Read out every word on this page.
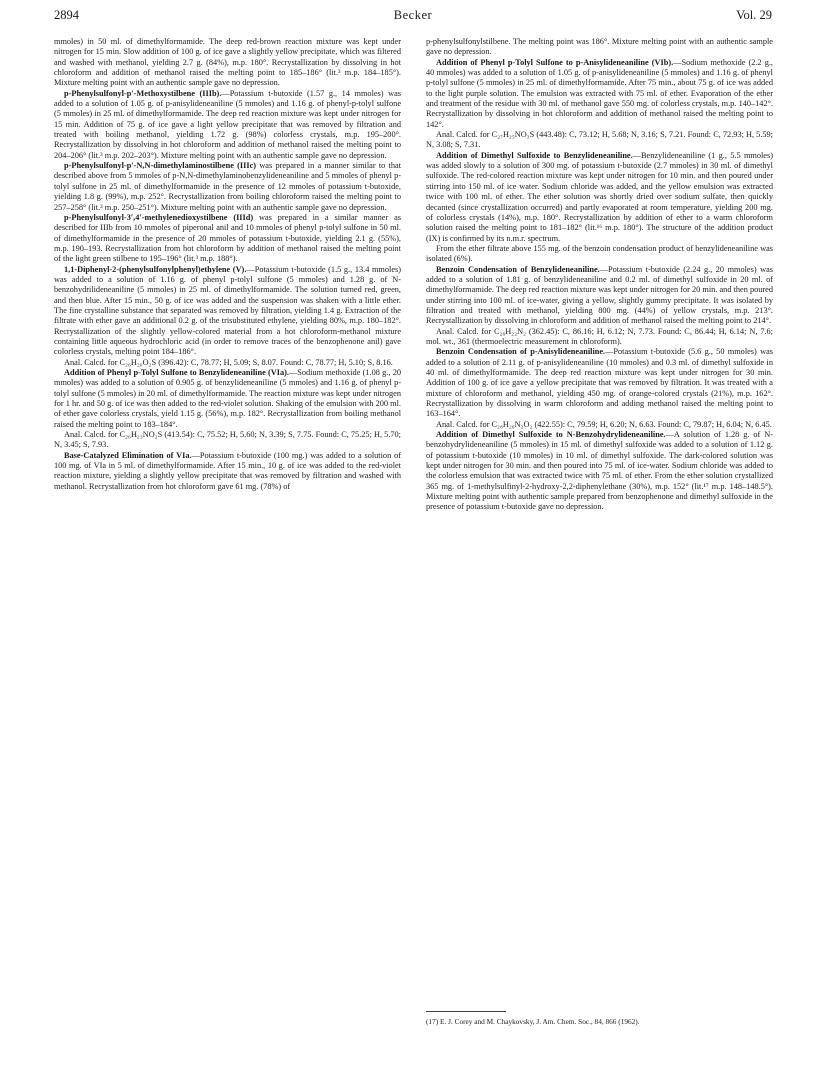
2894	Becker	Vol. 29

mmoles) in 50 ml. of dimethylformamide. The deep red-brown reaction mixture was kept under nitrogen for 15 min. Slow addition of 100 g. of ice gave a slightly yellow precipitate, which was filtered and washed with methanol, yielding 2.7 g. (84%), m.p. 180°. Recrystallization by dissolving in hot chloroform and addition of methanol raised the melting point to 185–186° (lit.³ m.p. 184–185°). Mixture melting point with an authentic sample gave no depression.

p-Phenylsulfonyl-p′-Methoxystilbene (IIIb).—Potassium t-butoxide (1.57 g., 14 mmoles) was added to a solution of 1.05 g. of p-anisylideneaniline (5 mmoles) and 1.16 g. of phenyl-p-tolyl sulfone (5 mmoles) in 25 ml. of dimethylformamide. The deep red reaction mixture was kept under nitrogen for 15 min. Addition of 75 g. of ice gave a light yellow precipitate that was removed by filtration and treated with boiling methanol, yielding 1.72 g. (98%) colorless crystals, m.p. 195–200°. Recrystallization by dissolving in hot chloroform and addition of methanol raised the melting point to 204–206° (lit.³ m.p. 202–203°). Mixture melting point with an authentic sample gave no depression.

p-Phenylsulfonyl-p′-N,N-dimethylaminostilbene (IIIc) was prepared in a manner similar to that described above from 5 mmoles of p-N,N-dimethylaminobenzylideneaniline and 5 mmoles of phenyl p-tolyl sulfone in 25 ml. of dimethylformamide in the presence of 12 mmoles of potassium t-butoxide, yielding 1.8 g. (99%), m.p. 252°. Recrystallization from boiling chloroform raised the melting point to 257–258° (lit.³ m.p. 250–251°). Mixture melting point with an authentic sample gave no depression.

p-Phenylsulfonyl-3′,4′-methylenedioxystilbene (IIId) was prepared in a similar manner as described for IIIb from 10 mmoles of piperonal anil and 10 mmoles of phenyl p-tolyl sulfone in 50 ml. of dimethylformamide in the presence of 20 mmoles of potassium t-butoxide, yielding 2.1 g. (55%), m.p. 190–193. Recrystallization from hot chloroform by addition of methanol raised the melting point of the light green stilbene to 195–196° (lit.³ m.p. 188°).

1,1-Diphenyl-2-(phenylsulfonylphenyl)ethylene (V).—Potassium t-butoxide (1.5 g., 13.4 mmoles) was added to a solution of 1.16 g. of phenyl p-tolyl sulfone (5 mmoles) and 1.28 g. of N-benzohydrilideneaniline (5 mmoles) in 25 ml. of dimethylformamide. The solution turned red, green, and then blue. After 15 min., 50 g. of ice was added and the suspension was shaken with a little ether. The fine crystalline substance that separated was removed by filtration, yielding 1.4 g. Extraction of the filtrate with ether gave an additional 0.2 g. of the trisubstituted ethylene, yielding 80%, m.p. 180–182°. Recrystallization of the slightly yellow-colored material from a hot chloroform-methanol mixture containing little aqueous hydrochloric acid (in order to remove traces of the benzophenone anil) gave colorless crystals, melting point 184–186°.

Anal. Calcd. for C₂₆H₂₀O₂S (396.42): C, 78.77; H, 5.09; S, 8.07. Found: C, 78.77; H, 5.10; S, 8.16.

Addition of Phenyl p-Tolyl Sulfone to Benzylideneaniline (VIa).—Sodium methoxide (1.08 g., 20 mmoles) was added to a solution of 0.905 g. of benzylideneaniline (5 mmoles) and 1.16 g. of phenyl p-tolyl sulfone (5 mmoles) in 20 ml. of dimethylformamide. The reaction mixture was kept under nitrogen for 1 hr. and 50 g. of ice was then added to the red-violet solution. Shaking of the emulsion with 200 ml. of ether gave colorless crystals, yield 1.15 g. (56%), m.p. 182°. Recrystallization from boiling methanol raised the melting point to 183–184°.

Anal. Calcd. for C₂₆H₂₃NO₂S (413.54): C, 75.52; H, 5.60; N, 3.39; S, 7.75. Found: C, 75.25; H, 5.70; N, 3.45; S, 7.93.

Base-Catalyzed Elimination of VIa.—Potassium t-butoxide (100 mg.) was added to a solution of 100 mg. of VIa in 5 ml. of dimethylformamide. After 15 min., 10 g. of ice was added to the red-violet reaction mixture, yielding a slightly yellow precipitate that was removed by filtration and washed with methanol. Recrystallization from hot chloroform gave 61 mg. (78%) of

p-phenylsulfonylstilbene. The melting point was 186°. Mixture melting point with an authentic sample gave no depression.

Addition of Phenyl p-Tolyl Sulfone to p-Anisylideneaniline (VIb).—Sodium methoxide (2.2 g., 40 mmoles) was added to a solution of 1.05 g. of p-anisylideneaniline (5 mmoles) and 1.16 g. of phenyl p-tolyl sulfone (5 mmoles) in 25 ml. of dimethylformamide. After 75 min., about 75 g. of ice was added to the light purple solution. The emulsion was extracted with 75 ml. of ether. Evaporation of the ether and treatment of the residue with 30 ml. of methanol gave 550 mg. of colorless crystals, m.p. 140–142°. Recrystallization by dissolving in hot chloroform and addition of methanol raised the melting point to 142°.

Anal. Calcd. for C₂₇H₂₅NO₃S (443.48): C, 73.12; H, 5.68; N, 3.16; S, 7.21. Found: C, 72.93; H, 5.59; N, 3.08; S, 7.31.

Addition of Dimethyl Sulfoxide to Benzylideneaniline.—Benzylideneaniline (1 g., 5.5 mmoles) was added slowly to a solution of 300 mg. of potassium t-butoxide (2.7 mmoles) in 30 ml. of dimethyl sulfoxide. The red-colored reaction mixture was kept under nitrogen for 10 min. and then poured under stirring into 150 ml. of ice water. Sodium chloride was added, and the yellow emulsion was extracted twice with 100 ml. of ether. The ether solution was shortly dried over sodium sulfate, then quickly decanted (since crystallization occurred) and partly evaporated at room temperature, yielding 200 mg. of colorless crystals (14%), m.p. 180°. Recrystallization by addition of ether to a warm chloroform solution raised the melting point to 181–182° (lit.¹⁶ m.p. 180°). The structure of the addition product (IX) is confirmed by its n.m.r. spectrum.

From the ether filtrate above 155 mg. of the benzoin condensation product of benzylideneaniline was isolated (6%).

Benzoin Condensation of Benzylideneaniline.—Potassium t-butoxide (2.24 g., 20 mmoles) was added to a solution of 1.81 g. of benzylideneaniline and 0.2 ml. of dimethyl sulfoxide in 20 ml. of dimethylformamide. The deep red reaction mixture was kept under nitrogen for 20 min. and then poured under stirring into 100 ml. of ice-water, giving a yellow, slightly gummy precipitate. It was isolated by filtration and treated with methanol, yielding 800 mg. (44%) of yellow crystals, m.p. 213°. Recrystallization by dissolving in chloroform and addition of methanol raised the melting point to 214°.

Anal. Calcd. for C₂₆H₂₂N₂ (362.45): C, 86.16; H, 6.12; N, 7.73. Found: C, 86.44; H, 6.14; N, 7.6; mol. wt., 361 (thermoelectric measurement in chloroform).

Benzoin Condensation of p-Anisylideneaniline.—Potassium t-butoxide (5.6 g., 50 mmoles) was added to a solution of 2.11 g. of p-anisylideneaniline (10 mmoles) and 0.3 ml. of dimethyl sulfoxide in 40 ml. of dimethylformamide. The deep red reaction mixture was kept under nitrogen for 30 min. Addition of 100 g. of ice gave a yellow precipitate that was removed by filtration. It was treated with a mixture of chloroform and methanol, yielding 450 mg. of orange-colored crystals (21%), m.p. 162°. Recrystallization by dissolving in warm chloroform and adding methanol raised the melting point to 163–164°.

Anal. Calcd. for C₂₈H₂₆N₂O₂ (422.55): C, 79.59; H, 6.20; N, 6.63. Found: C, 79.87; H, 6.04; N, 6.45.

Addition of Dimethyl Sulfoxide to N-Benzohydrylideneaniline.—A solution of 1.28 g. of N-benzohydrylideneaniline (5 mmoles) in 15 ml. of dimethyl sulfoxide was added to a solution of 1.12 g. of potassium t-butoxide (10 mmoles) in 10 ml. of dimethyl sulfoxide. The dark-colored solution was kept under nitrogen for 30 min. and then poured into 75 ml. of ice-water. Sodium chloride was added to the colorless emulsion that was extracted twice with 75 ml. of ether. From the ether solution crystallized 365 mg. of 1-methylsulfinyl-2-hydroxy-2,2-diphenylethane (30%), m.p. 152° (lit.¹⁷ m.p. 148–148.5°). Mixture melting point with authentic sample prepared from benzophenone and dimethyl sulfoxide in the presence of potassium t-butoxide gave no depression.

(17) E. J. Corey and M. Chaykovsky, J. Am. Chem. Soc., 84, 866 (1962).
